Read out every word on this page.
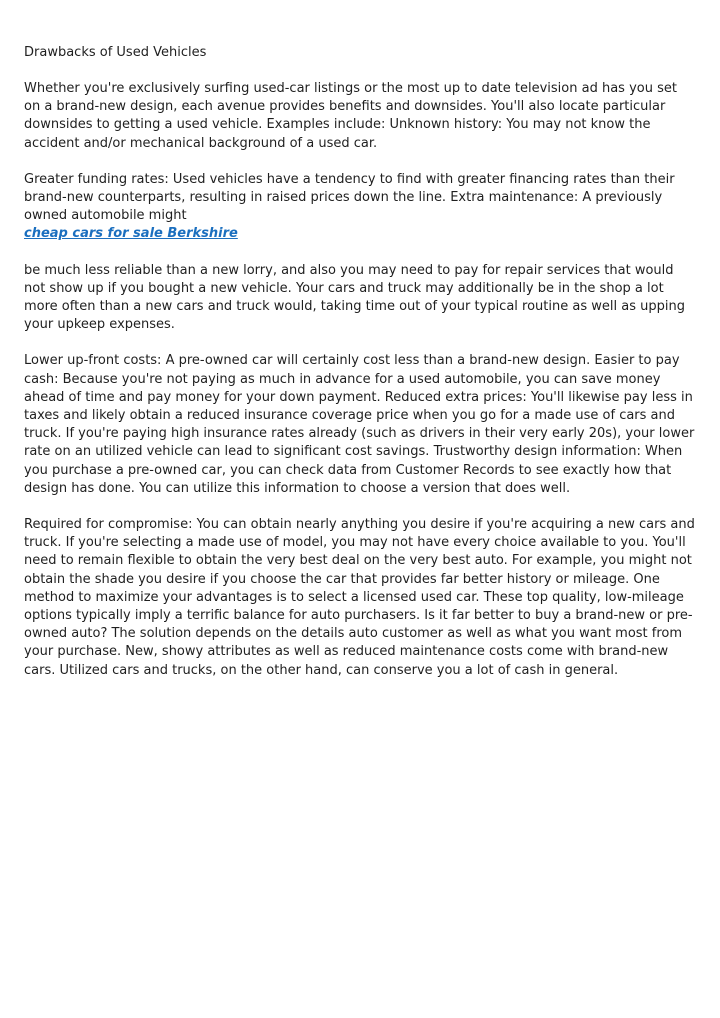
Drawbacks of Used Vehicles

Whether you're exclusively surfing used-car listings or the most up to date television ad has you set on a brand-new design, each avenue provides benefits and downsides. You'll also locate particular downsides to getting a used vehicle. Examples include: Unknown history: You may not know the accident and/or mechanical background of a used car.

Greater funding rates: Used vehicles have a tendency to find with greater financing rates than their brand-new counterparts, resulting in raised prices down the line. Extra maintenance: A previously owned automobile might
cheap cars for sale Berkshire

be much less reliable than a new lorry, and also you may need to pay for repair services that would not show up if you bought a new vehicle. Your cars and truck may additionally be in the shop a lot more often than a new cars and truck would, taking time out of your typical routine as well as upping your upkeep expenses.

Lower up-front costs: A pre-owned car will certainly cost less than a brand-new design. Easier to pay cash: Because you're not paying as much in advance for a used automobile, you can save money ahead of time and pay money for your down payment. Reduced extra prices: You'll likewise pay less in taxes and likely obtain a reduced insurance coverage price when you go for a made use of cars and truck. If you're paying high insurance rates already (such as drivers in their very early 20s), your lower rate on an utilized vehicle can lead to significant cost savings. Trustworthy design information: When you purchase a pre-owned car, you can check data from Customer Records to see exactly how that design has done. You can utilize this information to choose a version that does well.

Required for compromise: You can obtain nearly anything you desire if you're acquiring a new cars and truck. If you're selecting a made use of model, you may not have every choice available to you. You'll need to remain flexible to obtain the very best deal on the very best auto. For example, you might not obtain the shade you desire if you choose the car that provides far better history or mileage. One method to maximize your advantages is to select a licensed used car. These top quality, low-mileage options typically imply a terrific balance for auto purchasers. Is it far better to buy a brand-new or pre-owned auto? The solution depends on the details auto customer as well as what you want most from your purchase. New, showy attributes as well as reduced maintenance costs come with brand-new cars. Utilized cars and trucks, on the other hand, can conserve you a lot of cash in general.
